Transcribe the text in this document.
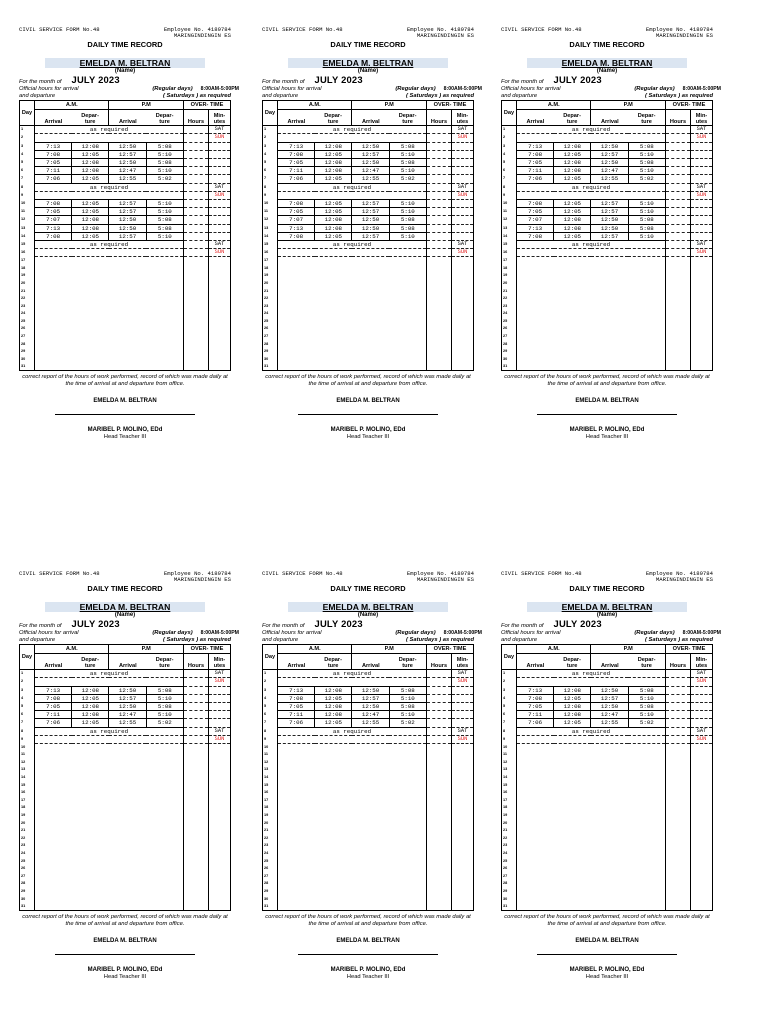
CIVIL SERVICE FORM No.48	Employee No. 4189784
MARINGINDINGIN ES
DAILY TIME RECORD
EMELDA M. BELTRAN
(Name)
For the month of JULY 2023
Official hours for arrival	(Regular days) 8:00AM-5:00PM
and departure	( Saturdays ) as required
Day	A.M.		P.M		OVER- TIME	
	Arrival	Depar-
ture	Arrival	Depar-
ture	Hours	Min-
utes

1	as required					SAT
2						SUN
3	7:13	12:08	12:50	5:08		
4	7:08	12:05	12:57	5:10		
5	7:05	12:08	12:50	5:08		
6	7:11	12:08	12:47	5:10		
7	7:06	12:05	12:55	5:02		
8	as required					SAT
9						SUN
10	7:08	12:05	12:57	5:10		
11	7:05	12:05	12:57	5:10		
12	7:07	12:08	12:50	5:08		
13	7:13	12:08	12:50	5:08		
14	7:08	12:05	12:57	5:10		
15	as required					SAT
16						SUN
17						
18						
19						
20						
21						
22						
23						
24						
25						
26						
27						
28						
29						
30						
31						
correct report of the hours of work performed, record of which was made daily at the time of arrival at and departure from office.
EMELDA M. BELTRAN
MARIBEL P. MOLINO, EDd
Head Teacher III
CIVIL SERVICE FORM No.48	Employee No. 4189784
MARINGINDINGIN ES
DAILY TIME RECORD
EMELDA M. BELTRAN
(Name)
For the month of JULY 2023
Official hours for arrival	(Regular days) 8:00AM-5:00PM
and departure	( Saturdays ) as required
Day	A.M.		P.M		OVER- TIME	
	Arrival	Depar-
ture	Arrival	Depar-
ture	Hours	Min-
utes

1	as required					SAT
2						SUN
3	7:13	12:08	12:50	5:08		
4	7:08	12:05	12:57	5:10		
5	7:05	12:08	12:50	5:08		
6	7:11	12:08	12:47	5:10		
7	7:06	12:05	12:55	5:02		
8	as required					SAT
9						SUN
10	7:08	12:05	12:57	5:10		
11	7:05	12:05	12:57	5:10		
12	7:07	12:08	12:50	5:08		
13	7:13	12:08	12:50	5:08		
14	7:08	12:05	12:57	5:10		
15	as required					SAT
16						SUN
17						
18						
19						
20						
21						
22						
23						
24						
25						
26						
27						
28						
29						
30						
31						
correct report of the hours of work performed, record of which was made daily at the time of arrival at and departure from office.
EMELDA M. BELTRAN
MARIBEL P. MOLINO, EDd
Head Teacher III
CIVIL SERVICE FORM No.48	Employee No. 4189784
MARINGINDINGIN ES
DAILY TIME RECORD
EMELDA M. BELTRAN
(Name)
For the month of JULY 2023
Official hours for arrival	(Regular days) 8:00AM-5:00PM
and departure	( Saturdays ) as required
Day	A.M.		P.M		OVER- TIME	
	Arrival	Depar-
ture	Arrival	Depar-
ture	Hours	Min-
utes

1	as required					SAT
2						SUN
3	7:13	12:08	12:50	5:08		
4	7:08	12:05	12:57	5:10		
5	7:05	12:08	12:50	5:08		
6	7:11	12:08	12:47	5:10		
7	7:06	12:05	12:55	5:02		
8	as required					SAT
9						SUN
10	7:08	12:05	12:57	5:10		
11	7:05	12:05	12:57	5:10		
12	7:07	12:08	12:50	5:08		
13	7:13	12:08	12:50	5:08		
14	7:08	12:05	12:57	5:10		
15	as required					SAT
16						SUN
17						
18						
19						
20						
21						
22						
23						
24						
25						
26						
27						
28						
29						
30						
31						
correct report of the hours of work performed, record of which was made daily at the time of arrival at and departure from office.
EMELDA M. BELTRAN
MARIBEL P. MOLINO, EDd
Head Teacher III
CIVIL SERVICE FORM No.48	Employee No. 4189784
MARINGINDINGIN ES
DAILY TIME RECORD
EMELDA M. BELTRAN
(Name)
For the month of JULY 2023
Official hours for arrival	(Regular days) 8:00AM-5:00PM
and departure	( Saturdays ) as required
Day	A.M.		P.M		OVER- TIME	
	Arrival	Depar-
ture	Arrival	Depar-
ture	Hours	Min-
utes

1	as required					SAT
2						SUN
3	7:13	12:08	12:50	5:08		
4	7:08	12:05	12:57	5:10		
5	7:05	12:08	12:50	5:08		
6	7:11	12:08	12:47	5:10		
7	7:06	12:05	12:55	5:02		
8	as required					SAT
9						SUN
10						
11						
12						
13						
14						
15						
16						
17						
18						
19						
20						
21						
22						
23						
24						
25						
26						
27						
28						
29						
30						
31						
correct report of the hours of work performed, record of which was made daily at the time of arrival at and departure from office.
EMELDA M. BELTRAN
MARIBEL P. MOLINO, EDd
Head Teacher III
CIVIL SERVICE FORM No.48	Employee No. 4189784
MARINGINDINGIN ES
DAILY TIME RECORD
EMELDA M. BELTRAN
(Name)
For the month of JULY 2023
Official hours for arrival	(Regular days) 8:00AM-5:00PM
and departure	( Saturdays ) as required
Day	A.M.		P.M		OVER- TIME	
	Arrival	Depar-
ture	Arrival	Depar-
ture	Hours	Min-
utes

1	as required					SAT
2						SUN
3	7:13	12:08	12:50	5:08		
4	7:08	12:05	12:57	5:10		
5	7:05	12:08	12:50	5:08		
6	7:11	12:08	12:47	5:10		
7	7:06	12:05	12:55	5:02		
8	as required					SAT
9						SUN
10						
11						
12						
13						
14						
15						
16						
17						
18						
19						
20						
21						
22						
23						
24						
25						
26						
27						
28						
29						
30						
31						
correct report of the hours of work performed, record of which was made daily at the time of arrival at and departure from office.
EMELDA M. BELTRAN
MARIBEL P. MOLINO, EDd
Head Teacher III
CIVIL SERVICE FORM No.48	Employee No. 4189784
MARINGINDINGIN ES
DAILY TIME RECORD
EMELDA M. BELTRAN
(Name)
For the month of JULY 2023
Official hours for arrival	(Regular days) 8:00AM-5:00PM
and departure	( Saturdays ) as required
Day	A.M.		P.M		OVER- TIME	
	Arrival	Depar-
ture	Arrival	Depar-
ture	Hours	Min-
utes

1	as required					SAT
2						SUN
3	7:13	12:08	12:50	5:08		
4	7:08	12:05	12:57	5:10		
5	7:05	12:08	12:50	5:08		
6	7:11	12:08	12:47	5:10		
7	7:06	12:05	12:55	5:02		
8	as required					SAT
9						SUN
10						
11						
12						
13						
14						
15						
16						
17						
18						
19						
20						
21						
22						
23						
24						
25						
26						
27						
28						
29						
30						
31						
correct report of the hours of work performed, record of which was made daily at the time of arrival at and departure from office.
EMELDA M. BELTRAN
MARIBEL P. MOLINO, EDd
Head Teacher III
